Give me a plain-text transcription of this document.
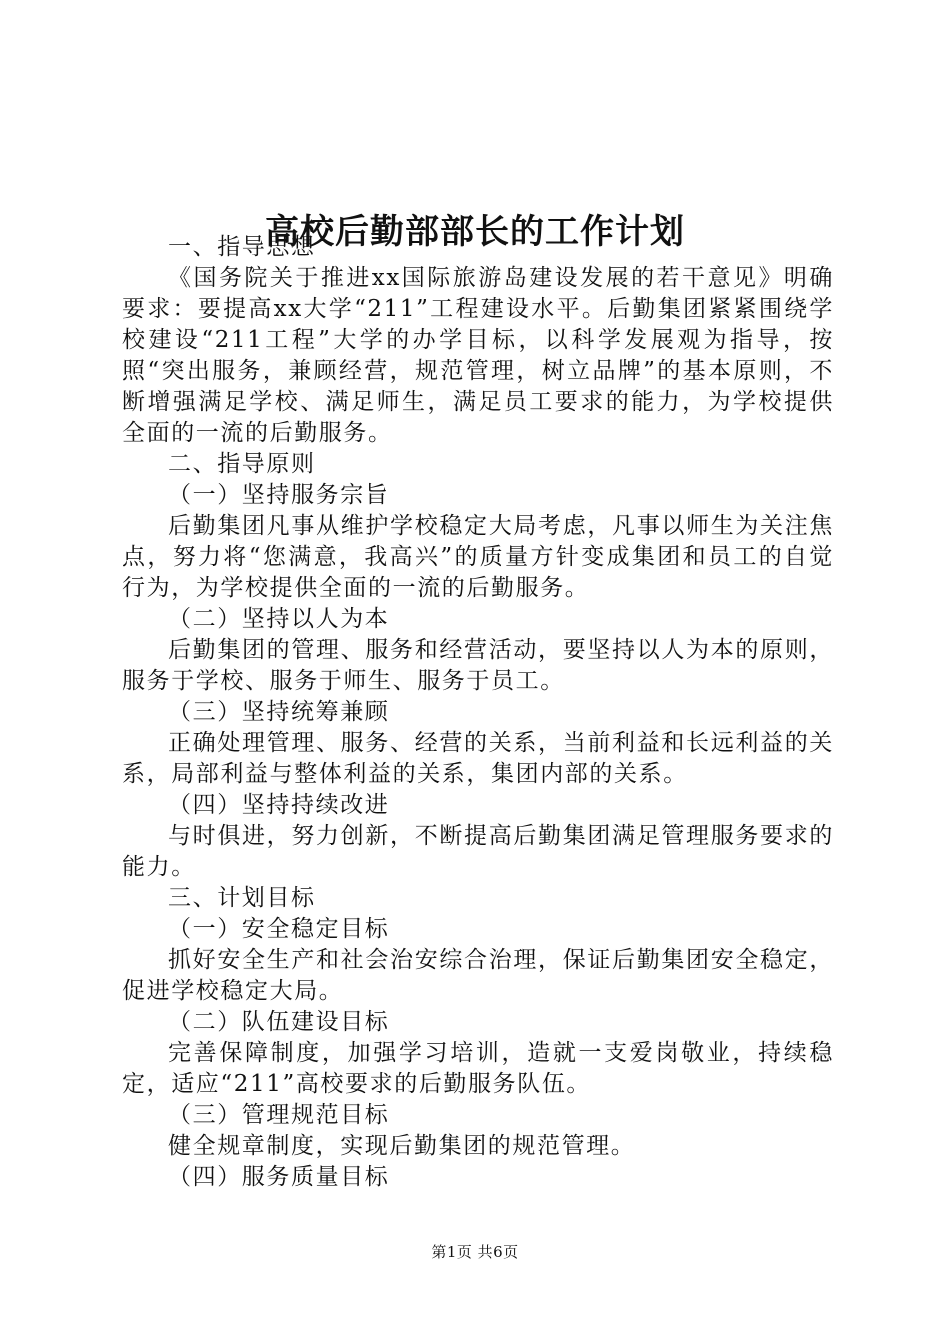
高校后勤部部长的工作计划

一、指导思想

《国务院关于推进xx国际旅游岛建设发展的若干意见》明确要求：要提高xx大学“211”工程建设水平。后勤集团紧紧围绕学校建设“211工程”大学的办学目标，以科学发展观为指导，按照“突出服务，兼顾经营，规范管理，树立品牌”的基本原则，不断增强满足学校、满足师生，满足员工要求的能力，为学校提供全面的一流的后勤服务。

二、指导原则

（一）坚持服务宗旨

后勤集团凡事从维护学校稳定大局考虑，凡事以师生为关注焦点，努力将“您满意，我高兴”的质量方针变成集团和员工的自觉行为，为学校提供全面的一流的后勤服务。

（二）坚持以人为本

后勤集团的管理、服务和经营活动，要坚持以人为本的原则，服务于学校、服务于师生、服务于员工。

（三）坚持统筹兼顾

正确处理管理、服务、经营的关系，当前利益和长远利益的关系，局部利益与整体利益的关系，集团内部的关系。

（四）坚持持续改进

与时俱进，努力创新，不断提高后勤集团满足管理服务要求的能力。

三、计划目标

（一）安全稳定目标

抓好安全生产和社会治安综合治理，保证后勤集团安全稳定，促进学校稳定大局。

（二）队伍建设目标

完善保障制度，加强学习培训，造就一支爱岗敬业，持续稳定，适应“211”高校要求的后勤服务队伍。

（三）管理规范目标

健全规章制度，实现后勤集团的规范管理。

（四）服务质量目标

第1页 共6页
